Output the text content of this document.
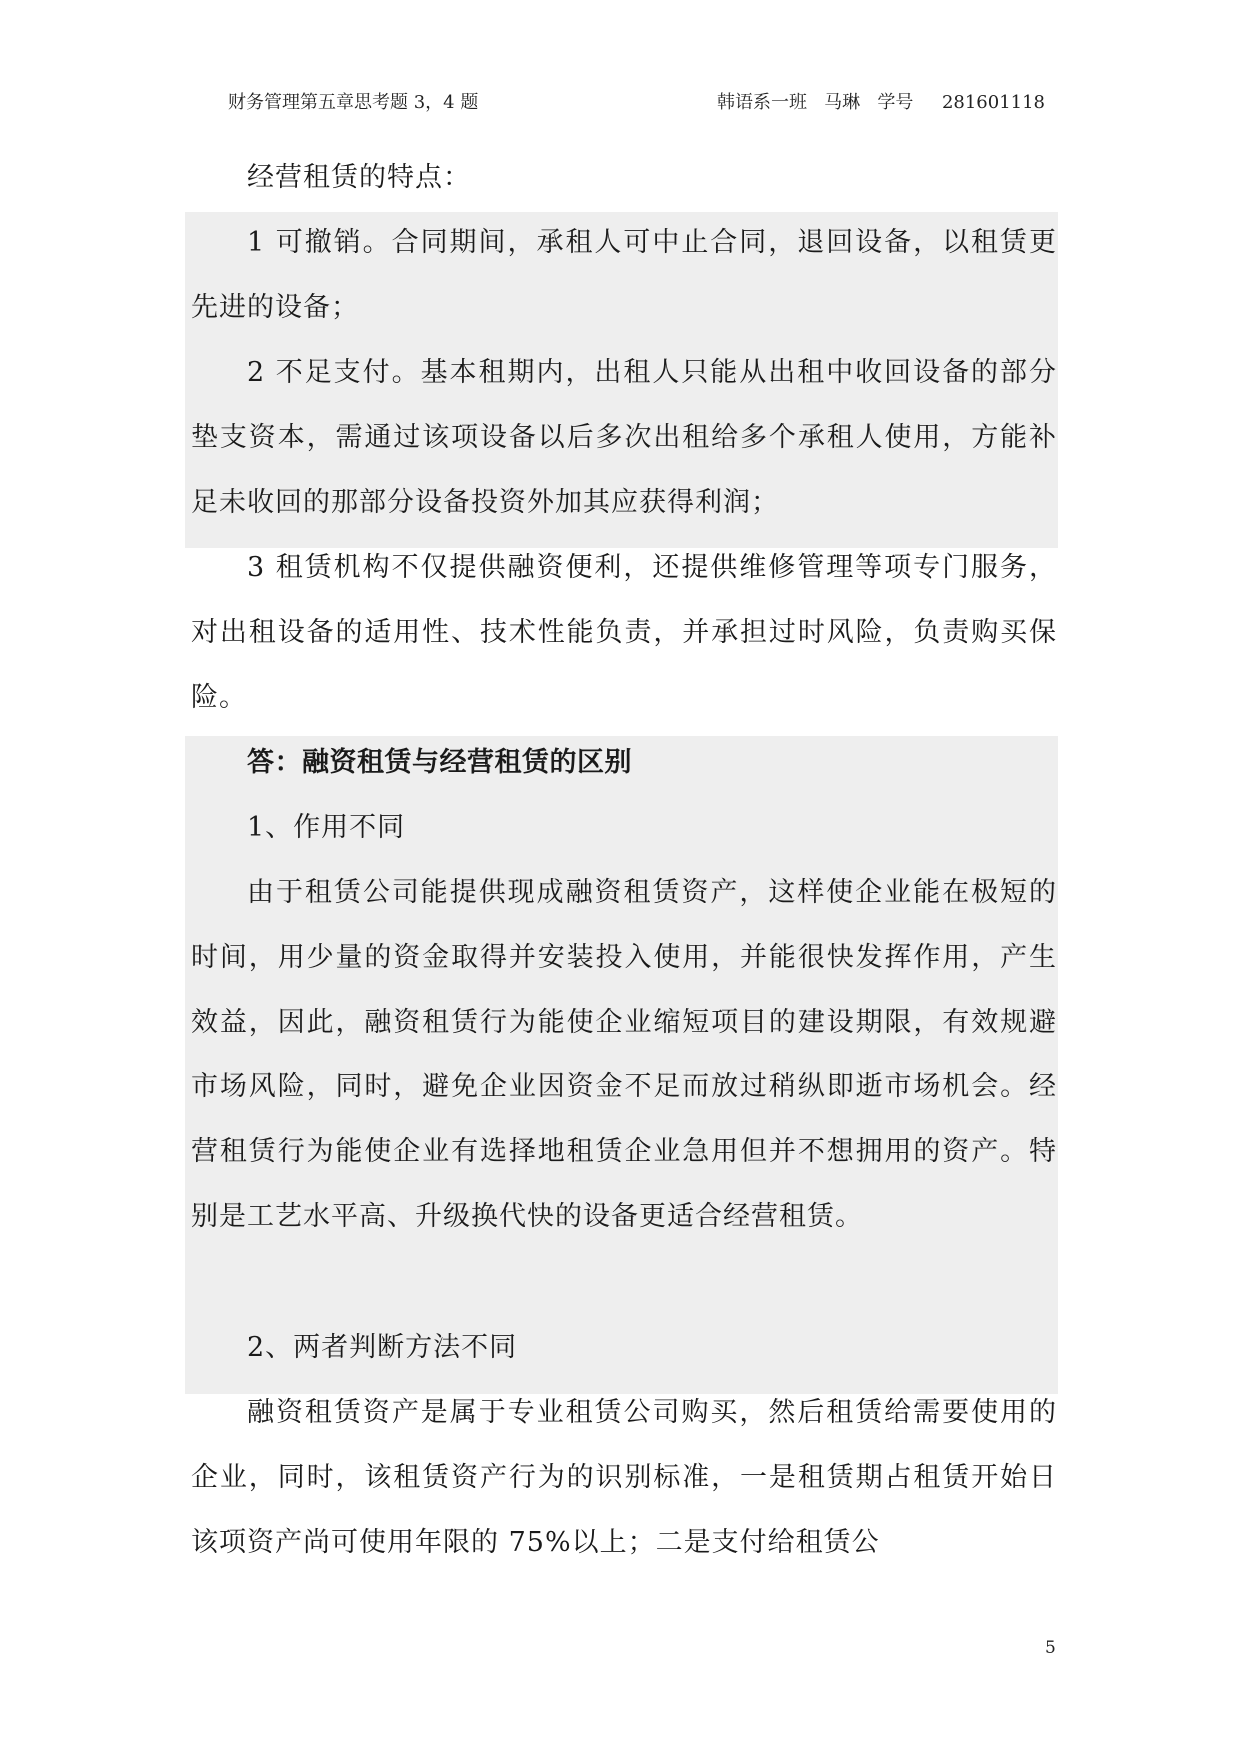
财务管理第五章思考题 3，4 题	韩语系一班   马琳   学号     281601118
经营租赁的特点：
1 可撤销。合同期间，承租人可中止合同，退回设备，以租赁更先进的设备；
2 不足支付。基本租期内，出租人只能从出租中收回设备的部分垫支资本，需通过该项设备以后多次出租给多个承租人使用，方能补足未收回的那部分设备投资外加其应获得利润；
3 租赁机构不仅提供融资便利，还提供维修管理等项专门服务，对出租设备的适用性、技术性能负责，并承担过时风险，负责购买保险。
答：融资租赁与经营租赁的区别
1、作用不同
由于租赁公司能提供现成融资租赁资产，这样使企业能在极短的时间，用少量的资金取得并安装投入使用，并能很快发挥作用，产生效益，因此，融资租赁行为能使企业缩短项目的建设期限，有效规避市场风险，同时，避免企业因资金不足而放过稍纵即逝市场机会。经营租赁行为能使企业有选择地租赁企业急用但并不想拥用的资产。特别是工艺水平高、升级换代快的设备更适合经营租赁。
2、两者判断方法不同
融资租赁资产是属于专业租赁公司购买，然后租赁给需要使用的企业，同时，该租赁资产行为的识别标准，一是租赁期占租赁开始日该项资产尚可使用年限的 75%以上；二是支付给租赁公
5
